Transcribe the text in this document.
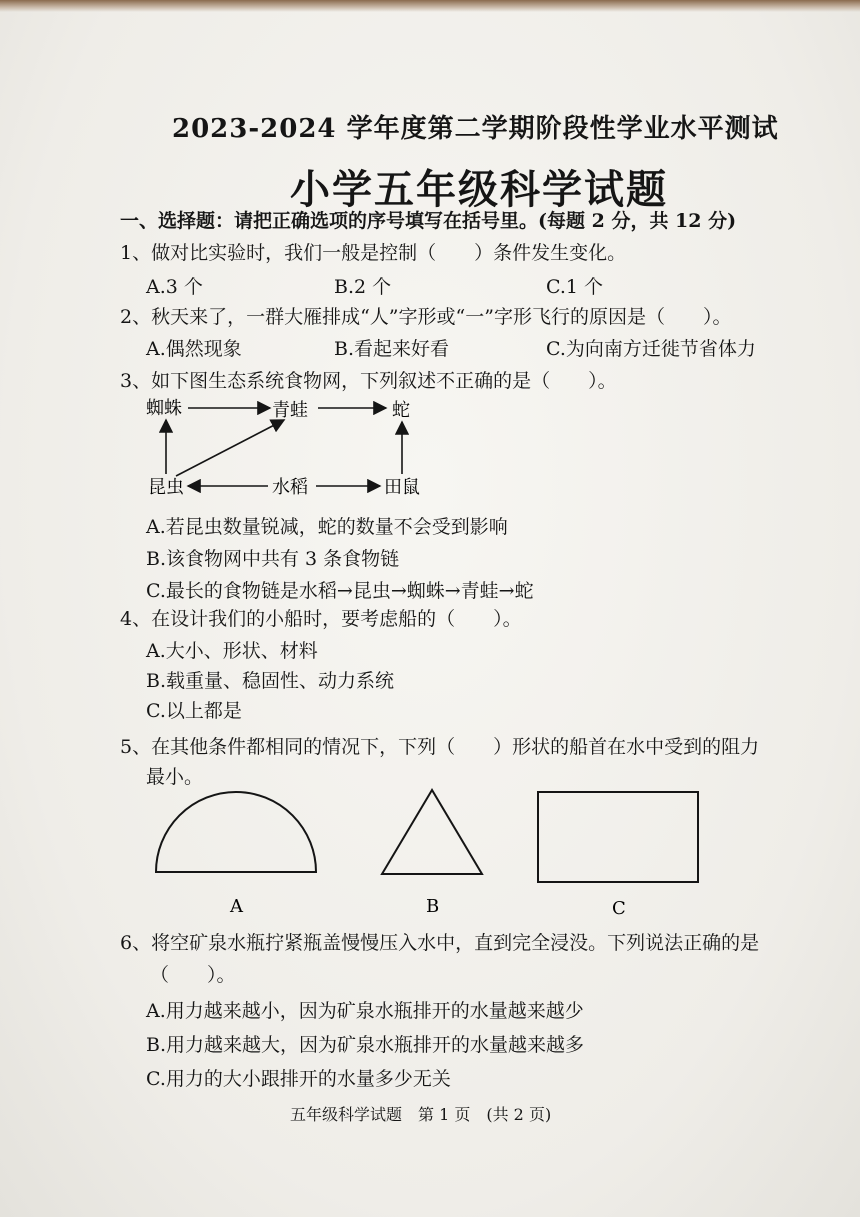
2023-2024 学年度第二学期阶段性学业水平测试
小学五年级科学试题
一、选择题：请把正确选项的序号填写在括号里。(每题 2 分，共 12 分)
1、做对比实验时，我们一般是控制（　　）条件发生变化。
A.3 个	B.2 个	C.1 个
2、秋天来了，一群大雁排成“人”字形或“一”字形飞行的原因是（　　）。
A.偶然现象	B.看起来好看	C.为向南方迁徙节省体力
3、如下图生态系统食物网，下列叙述不正确的是（　　）。
蜘蛛	青蛙	蛇
昆虫	水稻	田鼠
A.若昆虫数量锐减，蛇的数量不会受到影响
B.该食物网中共有 3 条食物链
C.最长的食物链是水稻→昆虫→蜘蛛→青蛙→蛇
4、在设计我们的小船时，要考虑船的（　　）。
A.大小、形状、材料
B.载重量、稳固性、动力系统
C.以上都是
5、在其他条件都相同的情况下，下列（　　）形状的船首在水中受到的阻力
最小。
A	B	C
6、将空矿泉水瓶拧紧瓶盖慢慢压入水中，直到完全浸没。下列说法正确的是
（　　）。
A.用力越来越小，因为矿泉水瓶排开的水量越来越少
B.用力越来越大，因为矿泉水瓶排开的水量越来越多
C.用力的大小跟排开的水量多少无关
五年级科学试题　第 1 页　(共 2 页)
